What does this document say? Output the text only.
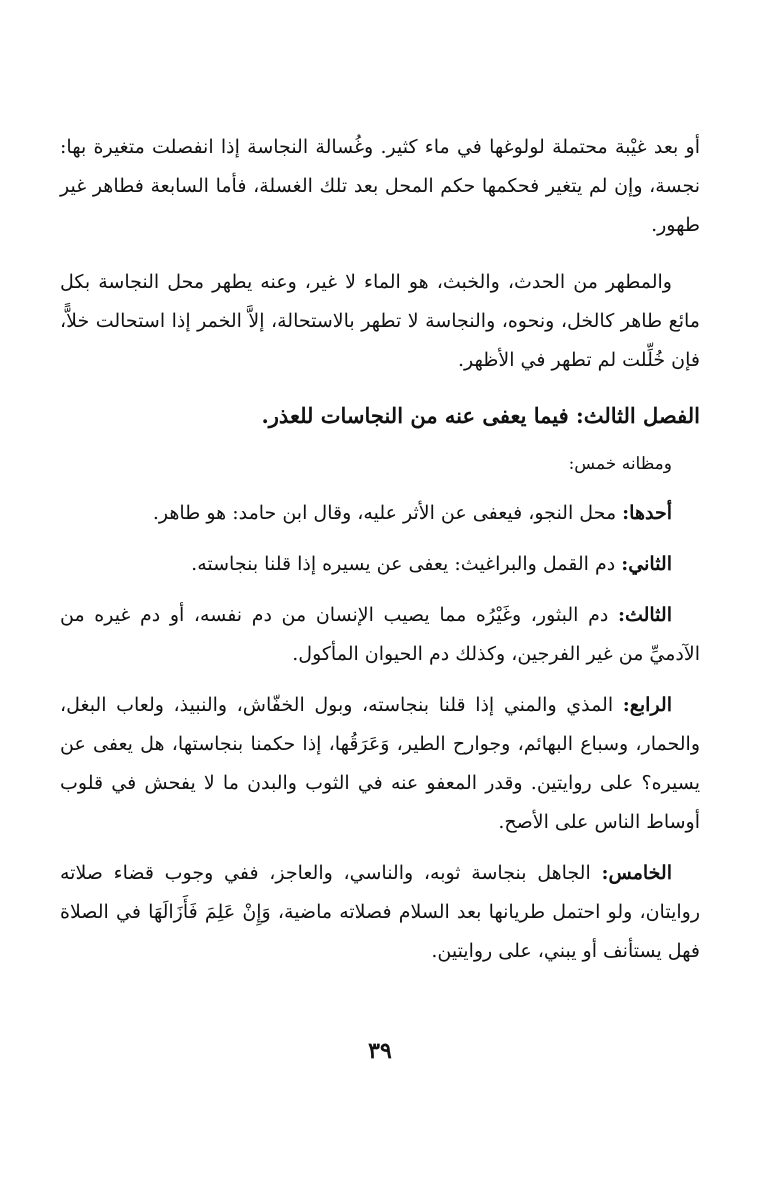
أو بعد غيْبة محتملة لولوغها في ماء كثير. وغُسالة النجاسة إذا انفصلت متغيرة بها: نجسة، وإن لم يتغير فحكمها حكم المحل بعد تلك الغسلة، فأما السابعة فطاهر غير طهور.

والمطهر من الحدث، والخبث، هو الماء لا غير، وعنه يطهر محل النجاسة بكل مائع طاهر كالخل، ونحوه، والنجاسة لا تطهر بالاستحالة، إلاَّ الخمر إذا استحالت خلاًّ، فإن خُلِّلت لم تطهر في الأظهر.

الفصل الثالث: فيما يعفى عنه من النجاسات للعذر.

ومظانه خمس:

أحدها: محل النجو، فيعفى عن الأثر عليه، وقال ابن حامد: هو طاهر.

الثاني: دم القمل والبراغيث: يعفى عن يسيره إذا قلنا بنجاسته.

الثالث: دم البثور، وغَيْرُه مما يصيب الإنسان من دم نفسه، أو دم غيره من الآدميِّ من غير الفرجين، وكذلك دم الحيوان المأكول.

الرابع: المذي والمني إذا قلنا بنجاسته، وبول الخفّاش، والنبيذ، ولعاب البغل، والحمار، وسباع البهائم، وجوارح الطير، وَعَرَقُها، إذا حكمنا بنجاستها، هل يعفى عن يسيره؟ على روايتين. وقدر المعفو عنه في الثوب والبدن ما لا يفحش في قلوب أوساط الناس على الأصح.

الخامس: الجاهل بنجاسة ثوبه، والناسي، والعاجز، ففي وجوب قضاء صلاته روايتان، ولو احتمل طريانها بعد السلام فصلاته ماضية، وَإِنْ عَلِمَ فَأَزَالَهَا في الصلاة فهل يستأنف أو يبني، على روايتين.

٣٩
